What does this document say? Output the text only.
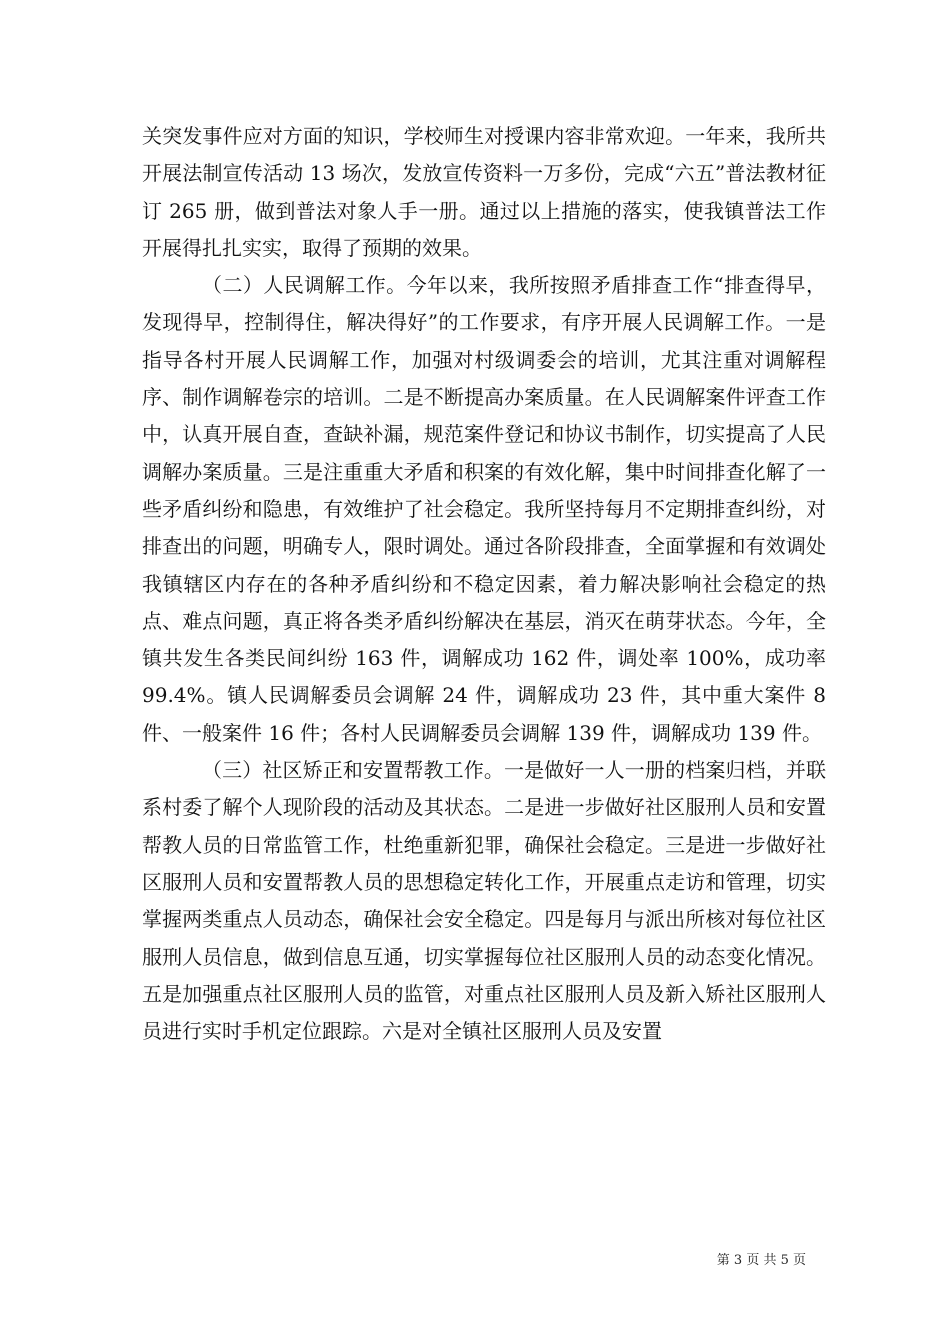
关突发事件应对方面的知识，学校师生对授课内容非常欢迎。一年来，我所共开展法制宣传活动 13 场次，发放宣传资料一万多份，完成“六五”普法教材征订 265 册，做到普法对象人手一册。通过以上措施的落实，使我镇普法工作开展得扎扎实实，取得了预期的效果。

（二）人民调解工作。今年以来，我所按照矛盾排查工作“排查得早，发现得早，控制得住，解决得好”的工作要求，有序开展人民调解工作。一是指导各村开展人民调解工作，加强对村级调委会的培训，尤其注重对调解程序、制作调解卷宗的培训。二是不断提高办案质量。在人民调解案件评查工作中，认真开展自查，查缺补漏，规范案件登记和协议书制作，切实提高了人民调解办案质量。三是注重重大矛盾和积案的有效化解，集中时间排查化解了一些矛盾纠纷和隐患，有效维护了社会稳定。我所坚持每月不定期排查纠纷，对排查出的问题，明确专人，限时调处。通过各阶段排查，全面掌握和有效调处我镇辖区内存在的各种矛盾纠纷和不稳定因素，着力解决影响社会稳定的热点、难点问题，真正将各类矛盾纠纷解决在基层，消灭在萌芽状态。今年，全镇共发生各类民间纠纷 163 件，调解成功 162 件，调处率 100%，成功率 99.4%。镇人民调解委员会调解 24 件，调解成功 23 件，其中重大案件 8 件、一般案件 16 件；各村人民调解委员会调解 139 件，调解成功 139 件。

（三）社区矫正和安置帮教工作。一是做好一人一册的档案归档，并联系村委了解个人现阶段的活动及其状态。二是进一步做好社区服刑人员和安置帮教人员的日常监管工作，杜绝重新犯罪，确保社会稳定。三是进一步做好社区服刑人员和安置帮教人员的思想稳定转化工作，开展重点走访和管理，切实掌握两类重点人员动态，确保社会安全稳定。四是每月与派出所核对每位社区服刑人员信息，做到信息互通，切实掌握每位社区服刑人员的动态变化情况。五是加强重点社区服刑人员的监管，对重点社区服刑人员及新入矫社区服刑人员进行实时手机定位跟踪。六是对全镇社区服刑人员及安置

第 3 页 共 5 页
